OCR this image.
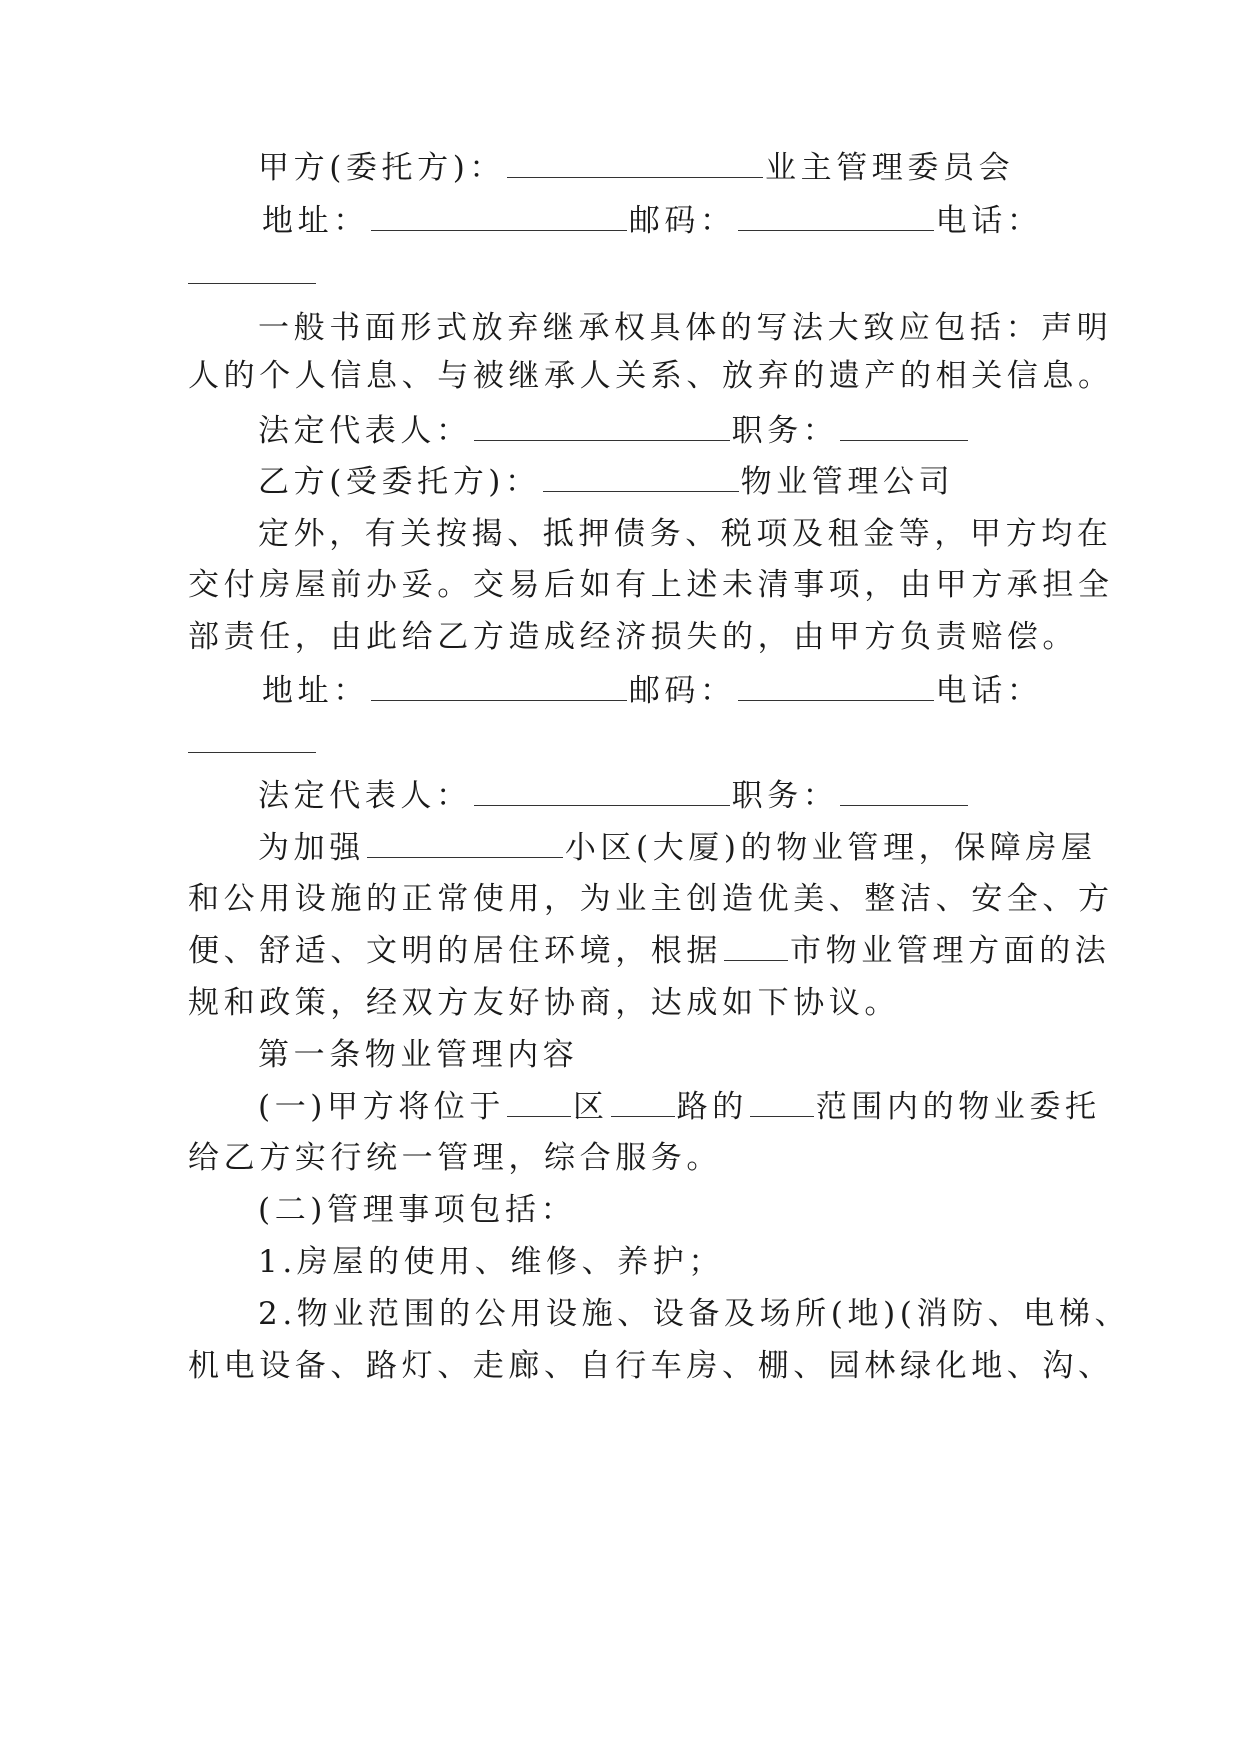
甲方(委托方)：	业主管理委员会
地址：	邮码：	电话：
一般书面形式放弃继承权具体的写法大致应包括：声明
人的个人信息、与被继承人关系、放弃的遗产的相关信息。
法定代表人：	职务：
乙方(受委托方)：	物业管理公司
定外，有关按揭、抵押债务、税项及租金等，甲方均在
交付房屋前办妥。交易后如有上述未清事项，由甲方承担全
部责任，由此给乙方造成经济损失的，由甲方负责赔偿。
地址：	邮码：	电话：
法定代表人：	职务：
为加强	小区(大厦)的物业管理，保障房屋
和公用设施的正常使用，为业主创造优美、整洁、安全、方
便、舒适、文明的居住环境，根据 市物业管理方面的法
规和政策，经双方友好协商，达成如下协议。
第一条物业管理内容
(一)甲方将位于 区 路的 范围内的物业委托
给乙方实行统一管理，综合服务。
(二)管理事项包括：
1.房屋的使用、维修、养护；
2.物业范围的公用设施、设备及场所(地)(消防、电梯、
机电设备、路灯、走廊、自行车房、棚、园林绿化地、沟、
